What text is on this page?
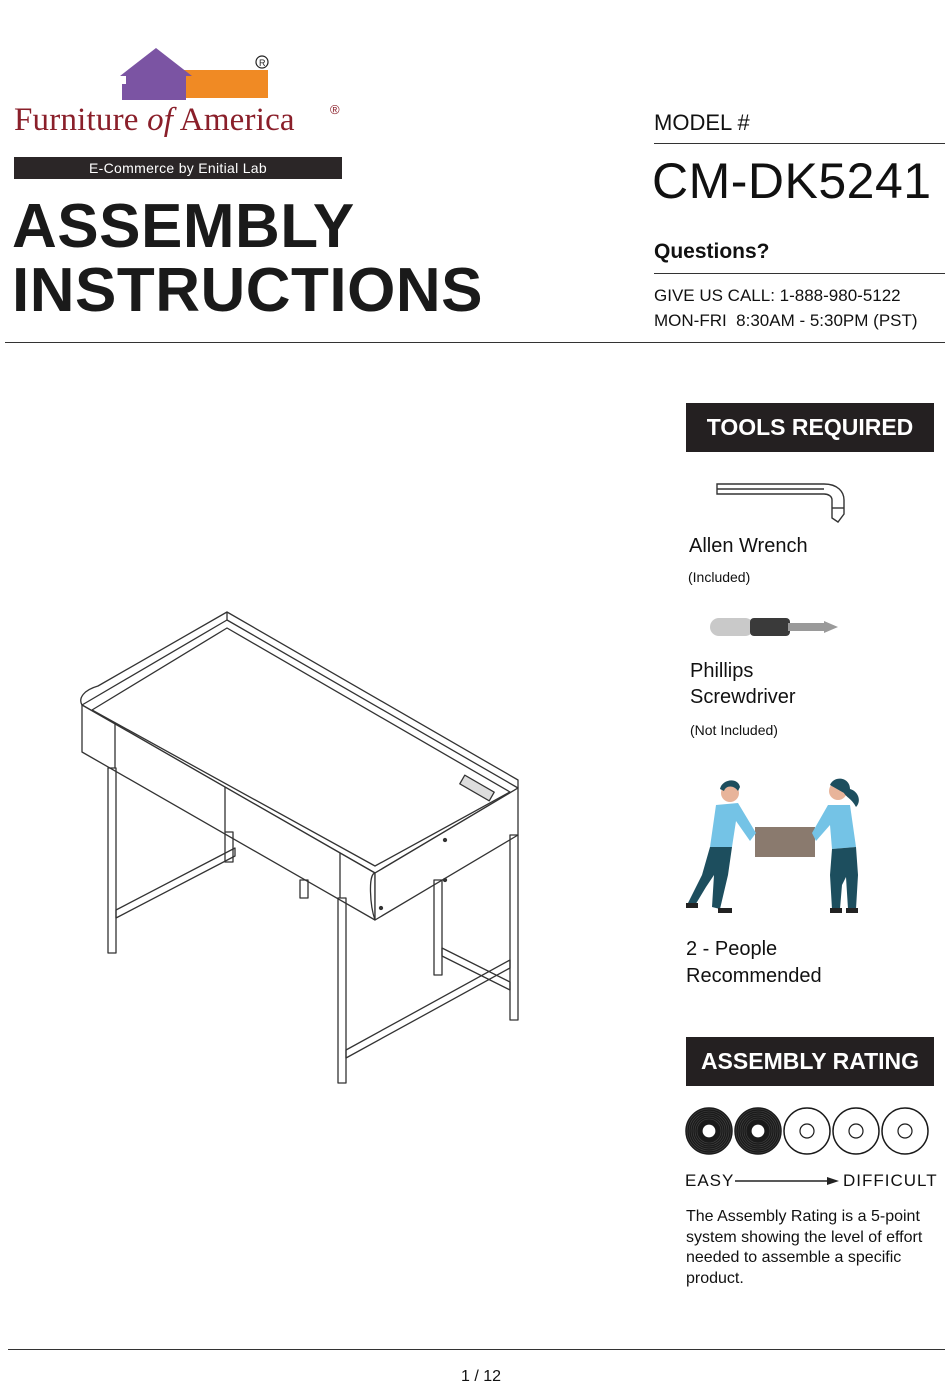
R
Furniture of America	®
E-Commerce by Enitial Lab
ASSEMBLY
INSTRUCTIONS
MODEL #
CM-DK5241
Questions?
GIVE US CALL: 1-888-980-5122
MON-FRI  8:30AM - 5:30PM (PST)
TOOLS REQUIRED
Allen Wrench
(Included)
Phillips
Screwdriver
(Not Included)
2 - People
Recommended
ASSEMBLY RATING
EASY	DIFFICULT
The Assembly Rating is a 5-point system showing the level of effort needed to assemble a specific product.
1 / 12
